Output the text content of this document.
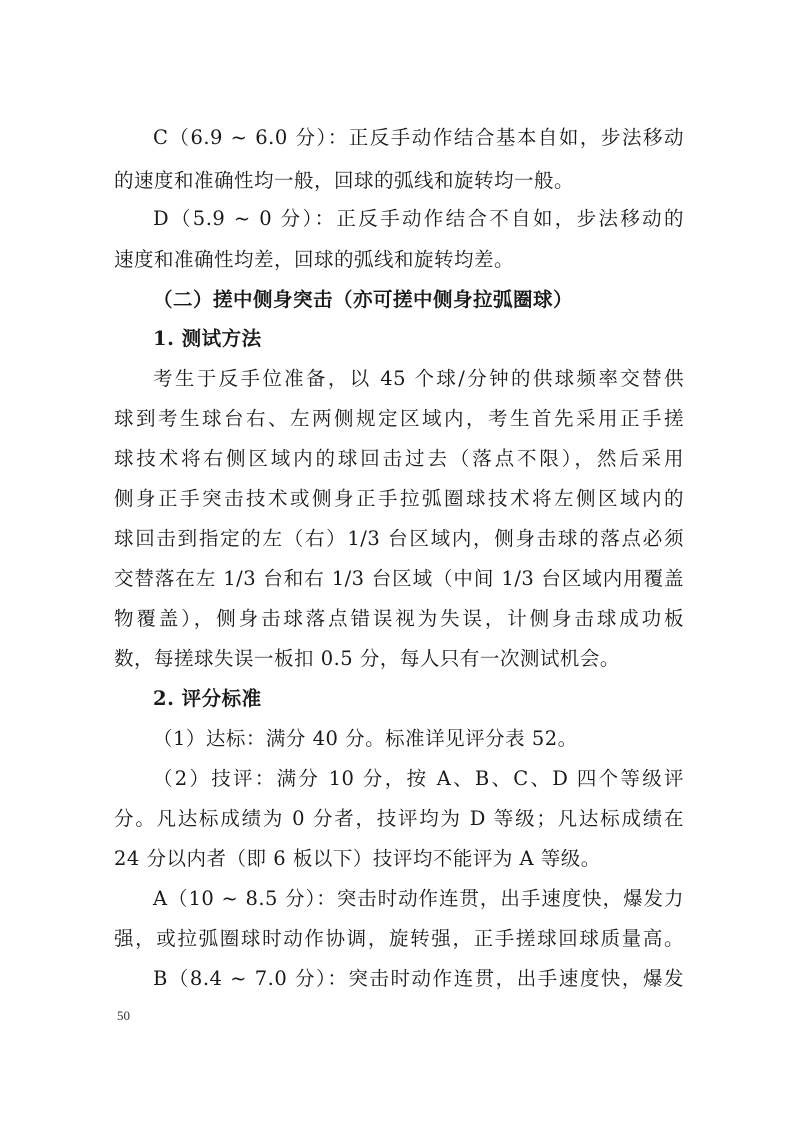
C（6.9 ~ 6.0 分）：正反手动作结合基本自如，步法移动
的速度和准确性均一般，回球的弧线和旋转均一般。
D（5.9 ~ 0 分）：正反手动作结合不自如，步法移动的
速度和准确性均差，回球的弧线和旋转均差。
（二）搓中侧身突击（亦可搓中侧身拉弧圈球）
1. 测试方法
考生于反手位准备，以 45 个球/分钟的供球频率交替供
球到考生球台右、左两侧规定区域内，考生首先采用正手搓
球技术将右侧区域内的球回击过去（落点不限），然后采用
侧身正手突击技术或侧身正手拉弧圈球技术将左侧区域内的
球回击到指定的左（右）1/3 台区域内，侧身击球的落点必须
交替落在左 1/3 台和右 1/3 台区域（中间 1/3 台区域内用覆盖
物覆盖），侧身击球落点错误视为失误，计侧身击球成功板
数，每搓球失误一板扣 0.5 分，每人只有一次测试机会。
2. 评分标准
（1）达标：满分 40 分。标准详见评分表 52。
（2）技评：满分 10 分，按 A、B、C、D 四个等级评
分。凡达标成绩为 0 分者，技评均为 D 等级；凡达标成绩在
24 分以内者（即 6 板以下）技评均不能评为 A 等级。
A（10 ~ 8.5 分）：突击时动作连贯，出手速度快，爆发力
强，或拉弧圈球时动作协调，旋转强，正手搓球回球质量高。
B（8.4 ~ 7.0 分）：突击时动作连贯，出手速度快，爆发
50
